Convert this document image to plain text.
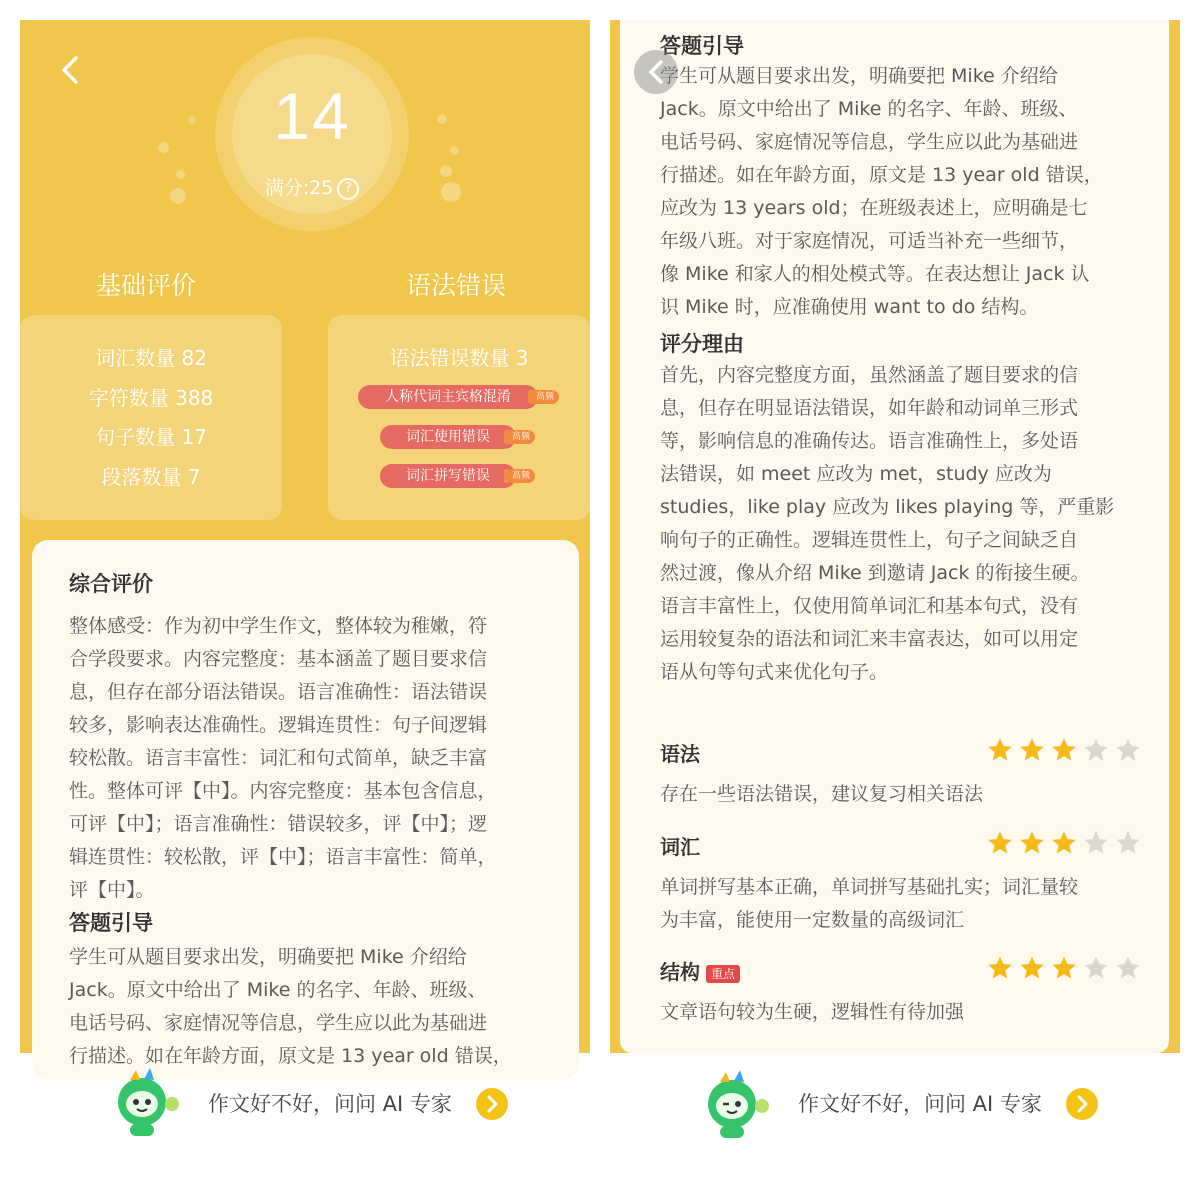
14
满分:25 ?
基础评价	语法错误
词汇数量 82
字符数量 388
句子数量 17
段落数量 7
语法错误数量 3
人称代词主宾格混淆	高频
词汇使用错误	高频
词汇拼写错误	高频
综合评价
整体感受：作为初中学生作文，整体较为稚嫩，符
合学段要求。内容完整度：基本涵盖了题目要求信
息，但存在部分语法错误。语言准确性：语法错误
较多，影响表达准确性。逻辑连贯性：句子间逻辑
较松散。语言丰富性：词汇和句式简单，缺乏丰富
性。整体可评【中】。内容完整度：基本包含信息，
可评【中】；语言准确性：错误较多，评【中】；逻
辑连贯性：较松散，评【中】；语言丰富性：简单，
评【中】。
答题引导
学生可从题目要求出发，明确要把 Mike 介绍给
Jack。原文中给出了 Mike 的名字、年龄、班级、
电话号码、家庭情况等信息，学生应以此为基础进
行描述。如在年龄方面，原文是 13 year old 错误，
答题引导
学生可从题目要求出发，明确要把 Mike 介绍给
Jack。原文中给出了 Mike 的名字、年龄、班级、
电话号码、家庭情况等信息，学生应以此为基础进
行描述。如在年龄方面，原文是 13 year old 错误，
应改为 13 years old；在班级表述上，应明确是七
年级八班。对于家庭情况，可适当补充一些细节，
像 Mike 和家人的相处模式等。在表达想让 Jack 认
识 Mike 时，应准确使用 want to do 结构。
评分理由
首先，内容完整度方面，虽然涵盖了题目要求的信
息，但存在明显语法错误，如年龄和动词单三形式
等，影响信息的准确传达。语言准确性上，多处语
法错误，如 meet 应改为 met，study 应改为
studies，like play 应改为 likes playing 等，严重影
响句子的正确性。逻辑连贯性上，句子之间缺乏自
然过渡，像从介绍 Mike 到邀请 Jack 的衔接生硬。
语言丰富性上，仅使用简单词汇和基本句式，没有
运用较复杂的语法和词汇来丰富表达，如可以用定
语从句等句式来优化句子。
语法
存在一些语法错误，建议复习相关语法
词汇
单词拼写基本正确，单词拼写基础扎实；词汇量较
为丰富，能使用一定数量的高级词汇
结构 重点
文章语句较为生硬，逻辑性有待加强
作文好不好，问问 AI 专家	作文好不好，问问 AI 专家
